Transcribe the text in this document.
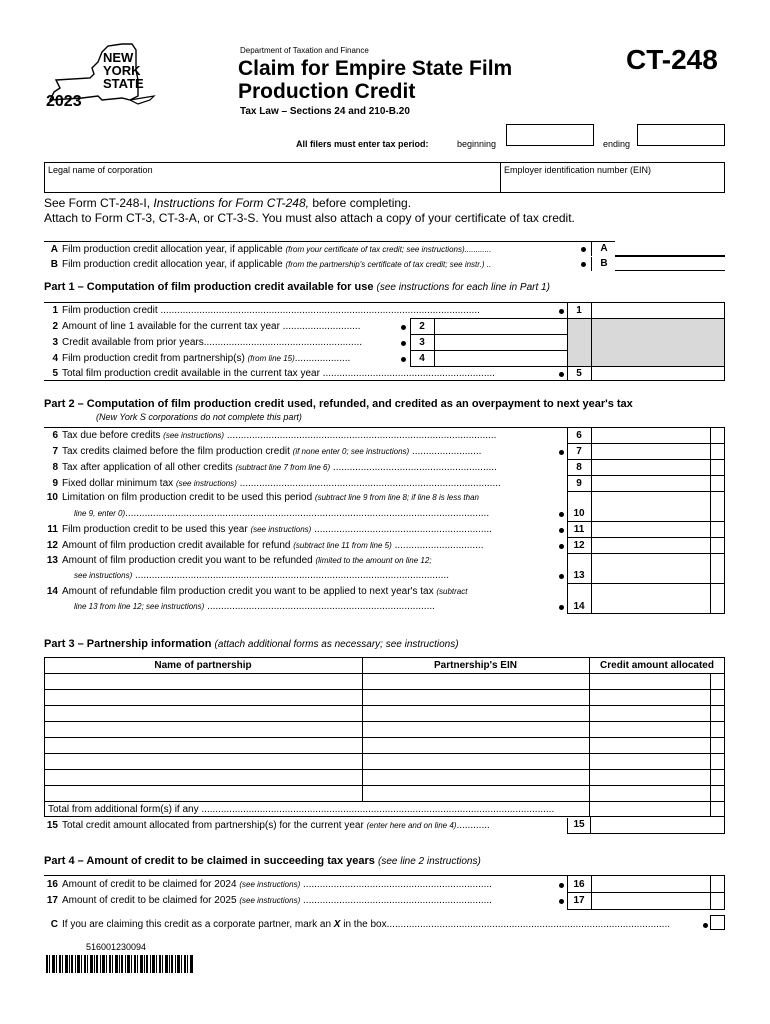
NEW
YORK
STATE
2023
Department of Taxation and Finance
Claim for Empire State Film
Production Credit
Tax Law – Sections 24 and 210-B.20
CT-248
All filers must enter tax period:	beginning	ending
Legal name of corporation	Employer identification number (EIN)
See Form CT-248-I, Instructions for Form CT-248, before completing.
Attach to Form CT-3, CT-3-A, or CT-3-S. You must also attach a copy of your certificate of tax credit.
A Film production credit allocation year, if applicable (from your certificate of tax credit; see instructions)............	A
B Film production credit allocation year, if applicable (from the partnership's certificate of tax credit; see instr.) ..	B
Part 1 – Computation of film production credit available for use (see instructions for each line in Part 1)
1 Film production credit ...................................................................................................................	1
2 Amount of line 1 available for the current tax year ............................	2
3 Credit available from prior years.........................................................	3
4 Film production credit from partnership(s) (from line 15)....................	4
5 Total film production credit available in the current tax year ..............................................................	5
Part 2 – Computation of film production credit used, refunded, and credited as an overpayment to next year's tax
(New York S corporations do not complete this part)
6 Tax due before credits (see instructions) .................................................................................................	6
7 Tax credits claimed before the film production credit (if none enter 0; see instructions) .........................	7
8 Tax after application of all other credits (subtract line 7 from line 6) ...........................................................	8
9 Fixed dollar minimum tax (see instructions) ..............................................................................................	9
10 Limitation on film production credit to be used this period (subtract line 9 from line 8; if line 8 is less than
line 9, enter 0)...................................................................................................................................	10
11 Film production credit to be used this year (see instructions) ................................................................	11
12 Amount of film production credit available for refund (subtract line 11 from line 5) ................................	12
13 Amount of film production credit you want to be refunded (limited to the amount on line 12;
see instructions) .................................................................................................................	13
14 Amount of refundable film production credit you want to be applied to next year's tax (subtract
line 13 from line 12; see instructions) ..................................................................................	14
Part 3 – Partnership information (attach additional forms as necessary; see instructions)
Name of partnership	Partnership's EIN	Credit amount allocated
Total from additional form(s) if any ...............................................................................................................................
15 Total credit amount allocated from partnership(s) for the current year (enter here and on line 4)............	15
Part 4 – Amount of credit to be claimed in succeeding tax years (see line 2 instructions)
16 Amount of credit to be claimed for 2024 (see instructions) ....................................................................	16
17 Amount of credit to be claimed for 2025 (see instructions) ....................................................................	17
C If you are claiming this credit as a corporate partner, mark an X in the box......................................................................................................
516001230094
